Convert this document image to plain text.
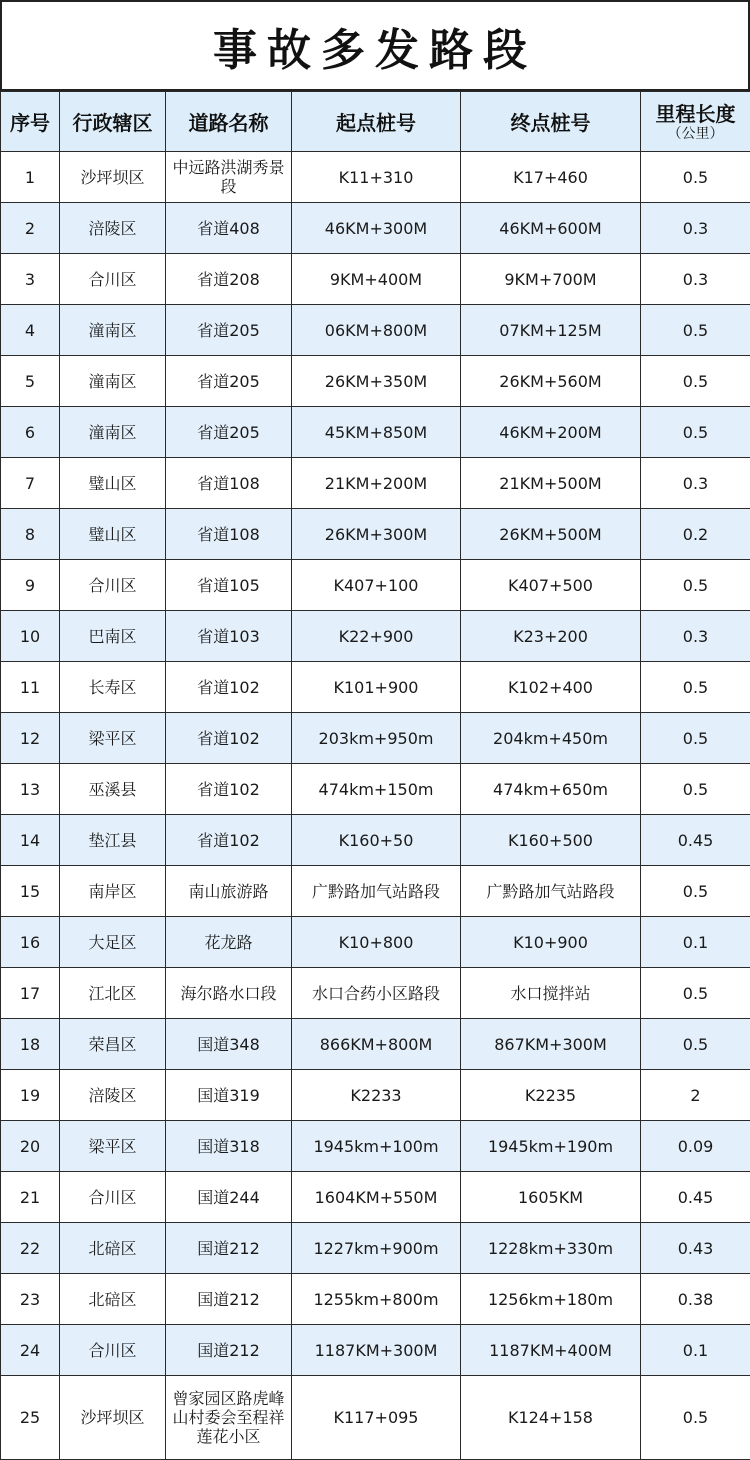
事故多发路段
序号	行政辖区	道路名称	起点桩号	终点桩号	里程长度
（公里）

1	沙坪坝区	中远路洪湖秀景段	K11+310	K17+460	0.5
2	涪陵区	省道408	46KM+300M	46KM+600M	0.3
3	合川区	省道208	9KM+400M	9KM+700M	0.3
4	潼南区	省道205	06KM+800M	07KM+125M	0.5
5	潼南区	省道205	26KM+350M	26KM+560M	0.5
6	潼南区	省道205	45KM+850M	46KM+200M	0.5
7	璧山区	省道108	21KM+200M	21KM+500M	0.3
8	璧山区	省道108	26KM+300M	26KM+500M	0.2
9	合川区	省道105	K407+100	K407+500	0.5
10	巴南区	省道103	K22+900	K23+200	0.3
11	长寿区	省道102	K101+900	K102+400	0.5
12	梁平区	省道102	203km+950m	204km+450m	0.5
13	巫溪县	省道102	474km+150m	474km+650m	0.5
14	垫江县	省道102	K160+50	K160+500	0.45
15	南岸区	南山旅游路	广黔路加气站路段	广黔路加气站路段	0.5
16	大足区	花龙路	K10+800	K10+900	0.1
17	江北区	海尔路水口段	水口合药小区路段	水口搅拌站	0.5
18	荣昌区	国道348	866KM+800M	867KM+300M	0.5
19	涪陵区	国道319	K2233	K2235	2
20	梁平区	国道318	1945km+100m	1945km+190m	0.09
21	合川区	国道244	1604KM+550M	1605KM	0.45
22	北碚区	国道212	1227km+900m	1228km+330m	0.43
23	北碚区	国道212	1255km+800m	1256km+180m	0.38
24	合川区	国道212	1187KM+300M	1187KM+400M	0.1
25	沙坪坝区	曾家园区路虎峰山村委会至程祥莲花小区	K117+095	K124+158	0.5
